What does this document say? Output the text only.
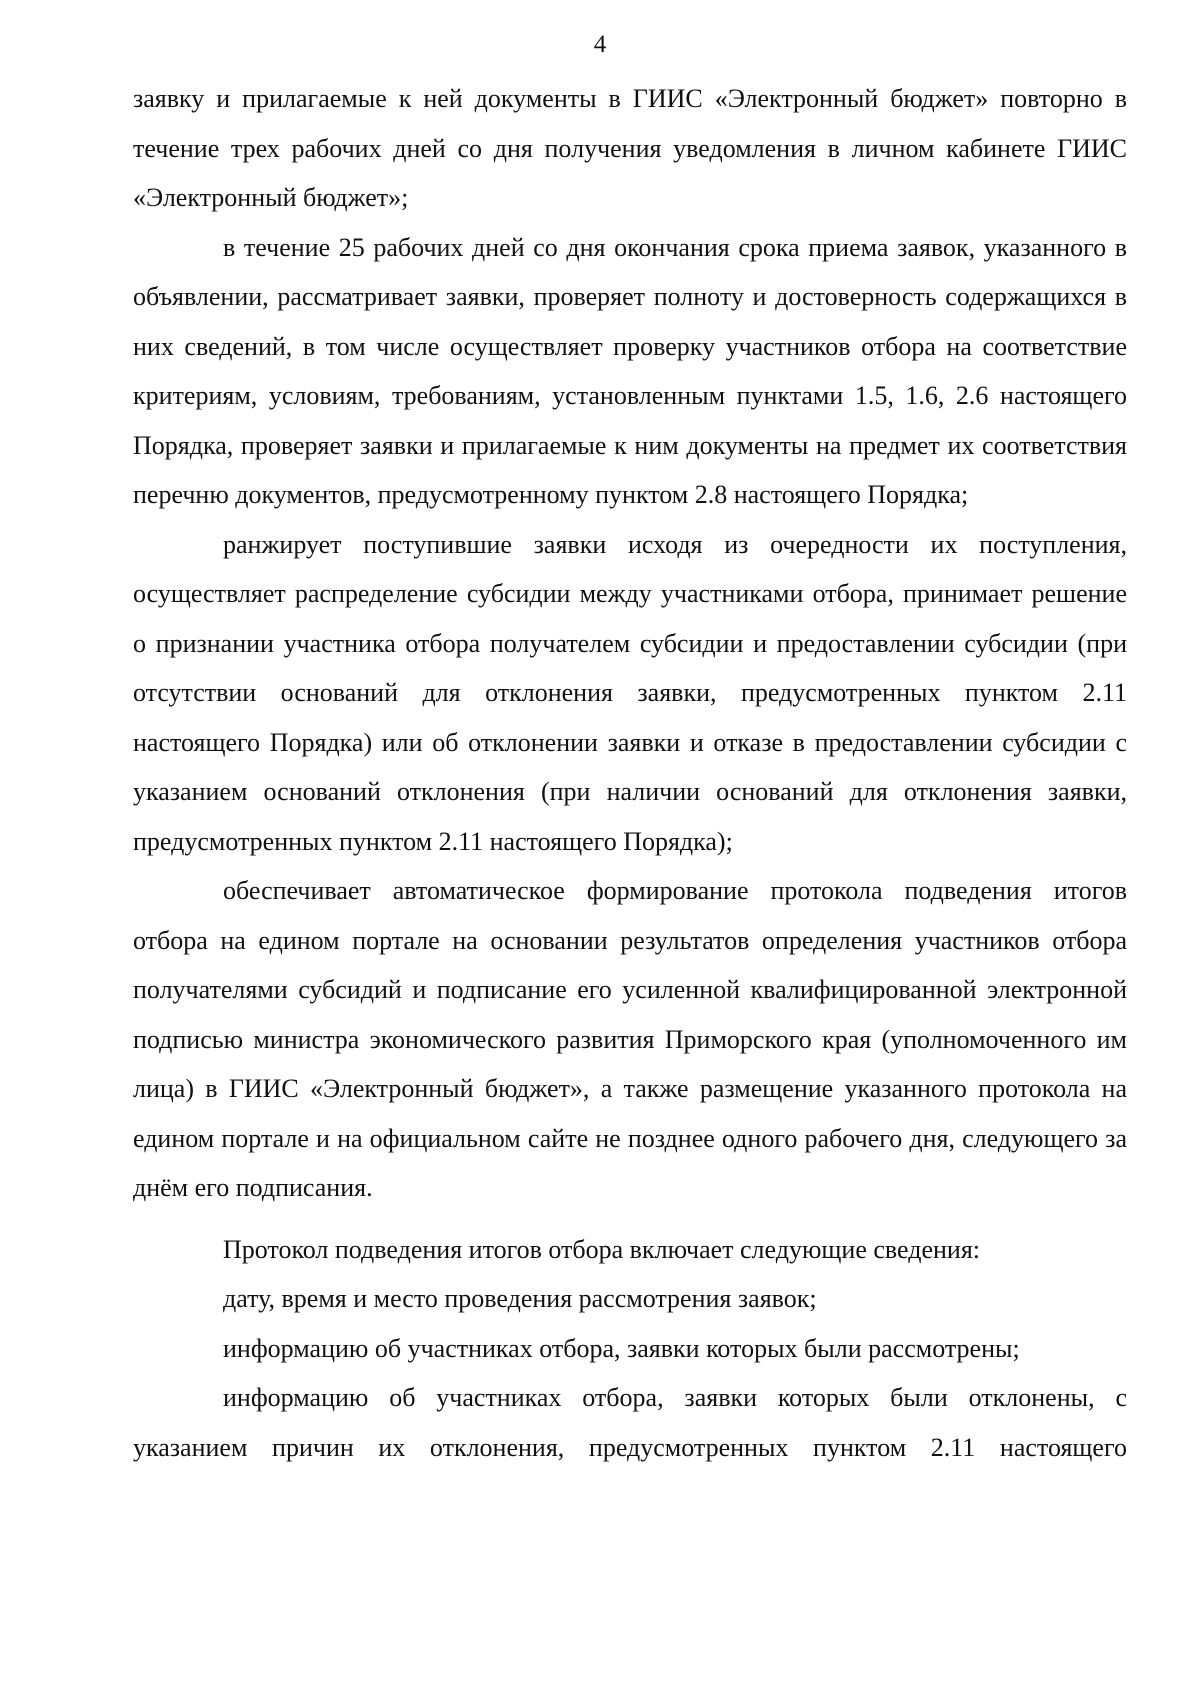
4

заявку и прилагаемые к ней документы в ГИИС «Электронный бюджет» повторно в течение трех рабочих дней со дня получения уведомления в личном кабинете ГИИС «Электронный бюджет»;

в течение 25 рабочих дней со дня окончания срока приема заявок, указанного в объявлении, рассматривает заявки, проверяет полноту и достоверность содержащихся в них сведений, в том числе осуществляет проверку участников отбора на соответствие критериям, условиям, требованиям, установленным пунктами 1.5, 1.6, 2.6 настоящего Порядка, проверяет заявки и прилагаемые к ним документы на предмет их соответствия перечню документов, предусмотренному пунктом 2.8 настоящего Порядка;

ранжирует поступившие заявки исходя из очередности их поступления, осуществляет распределение субсидии между участниками отбора, принимает решение о признании участника отбора получателем субсидии и предоставлении субсидии (при отсутствии оснований для отклонения заявки, предусмотренных пунктом 2.11 настоящего Порядка) или об отклонении заявки и отказе в предоставлении субсидии с указанием оснований отклонения (при наличии оснований для отклонения заявки, предусмотренных пунктом 2.11 настоящего Порядка);

обеспечивает автоматическое формирование протокола подведения итогов отбора на едином портале на основании результатов определения участников отбора получателями субсидий и подписание его усиленной квалифицированной электронной подписью министра экономического развития Приморского края (уполномоченного им лица) в ГИИС «Электронный бюджет», а также размещение указанного протокола на едином портале и на официальном сайте не позднее одного рабочего дня, следующего за днём его подписания.

Протокол подведения итогов отбора включает следующие сведения:

дату, время и место проведения рассмотрения заявок;

информацию об участниках отбора, заявки которых были рассмотрены;

информацию об участниках отбора, заявки которых были отклонены, с указанием причин их отклонения, предусмотренных пунктом 2.11 настоящего
